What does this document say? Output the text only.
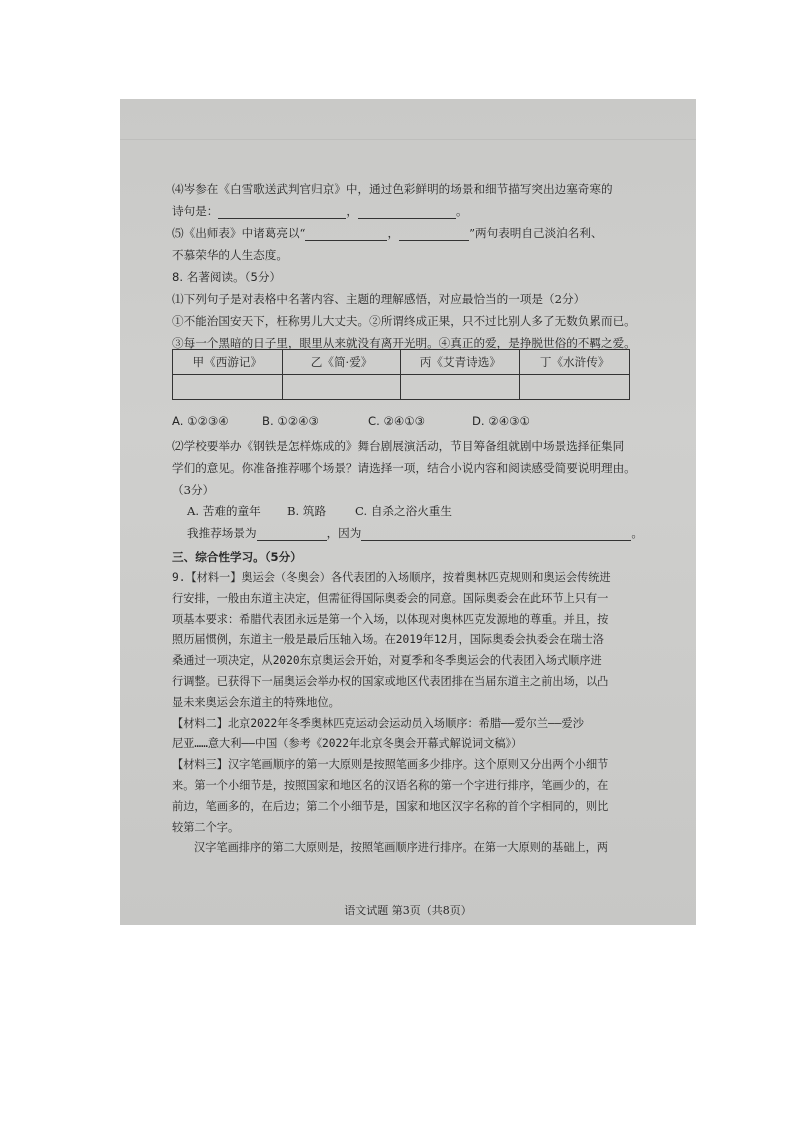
⑷岑参在《白雪歌送武判官归京》中，通过色彩鲜明的场景和细节描写突出边塞奇寒的
诗句是：	，	。
⑸《出师表》中诸葛亮以“	，	”两句表明自己淡泊名利、
不慕荣华的人生态度。
8. 名著阅读。（5分）
⑴下列句子是对表格中名著内容、主题的理解感悟，对应最恰当的一项是（2分）
①不能治国安天下，枉称男儿大丈夫。②所谓终成正果，只不过比别人多了无数负累而已。
③每一个黑暗的日子里，眼里从来就没有离开光明。④真正的爱，是挣脱世俗的不羁之爱。
甲《西游记》	乙《简·爱》	丙《艾青诗选》	丁《水浒传》

A. ①②③④	B. ①②④③	C. ②④①③	D. ②④③①
⑵学校要举办《钢铁是怎样炼成的》舞台剧展演活动，节目筹备组就剧中场景选择征集同
学们的意见。你准备推荐哪个场景？请选择一项，结合小说内容和阅读感受简要说明理由。
（3分）
A. 苦难的童年 B. 筑路 C. 自杀之浴火重生
我推荐场景为	，因为	。
三、综合性学习。（5分）
9.【材料一】奥运会（冬奥会）各代表团的入场顺序，按着奥林匹克规则和奥运会传统进
行安排，一般由东道主决定，但需征得国际奥委会的同意。国际奥委会在此环节上只有一
项基本要求：希腊代表团永远是第一个入场，以体现对奥林匹克发源地的尊重。并且，按
照历届惯例，东道主一般是最后压轴入场。在2019年12月，国际奥委会执委会在瑞士洛
桑通过一项决定，从2020东京奥运会开始，对夏季和冬季奥运会的代表团入场式顺序进
行调整。已获得下一届奥运会举办权的国家或地区代表团排在当届东道主之前出场，以凸
显未来奥运会东道主的特殊地位。
【材料二】北京2022年冬季奥林匹克运动会运动员入场顺序：希腊——爱尔兰——爱沙
尼亚……意大利——中国（参考《2022年北京冬奥会开幕式解说词文稿》）
【材料三】汉字笔画顺序的第一大原则是按照笔画多少排序。这个原则又分出两个小细节
来。第一个小细节是，按照国家和地区名的汉语名称的第一个字进行排序，笔画少的，在
前边，笔画多的，在后边；第二个小细节是，国家和地区汉字名称的首个字相同的，则比
较第二个字。
汉字笔画排序的第二大原则是，按照笔画顺序进行排序。在第一大原则的基础上，两
语文试题 第3页（共8页）
